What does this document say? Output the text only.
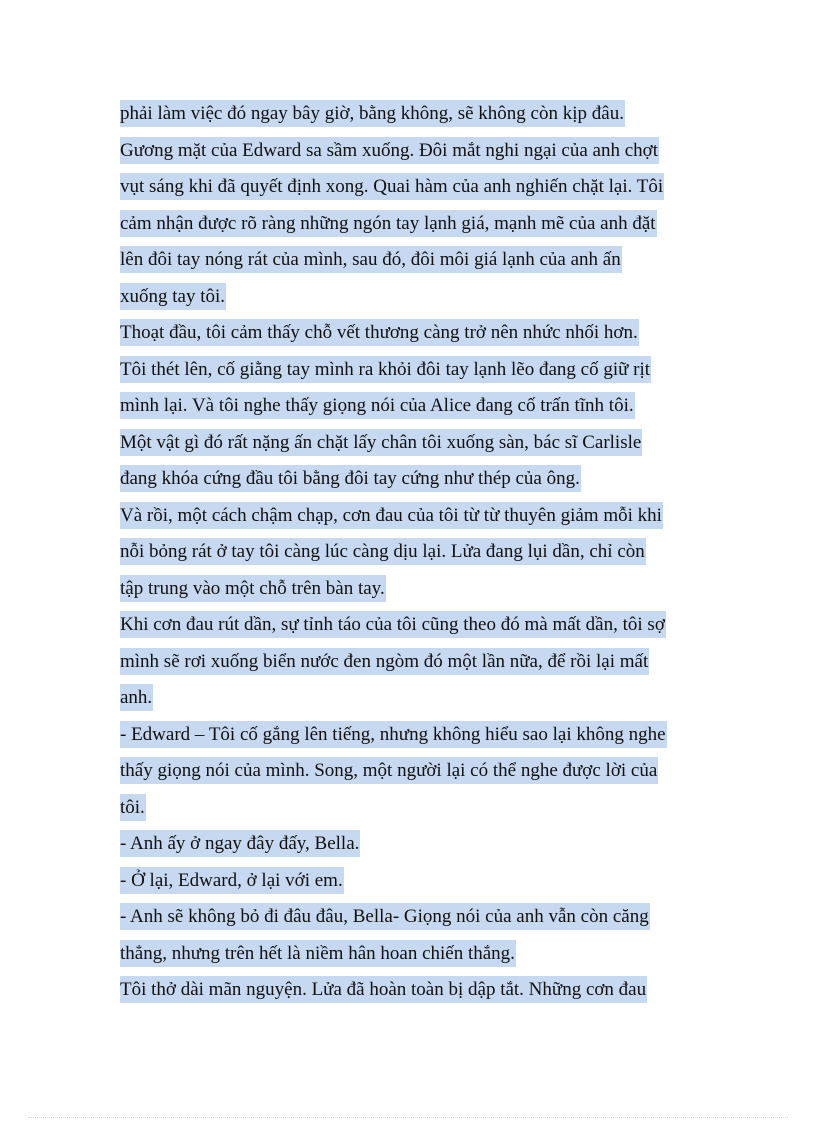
phải làm việc đó ngay bây giờ, bằng không, sẽ không còn kịp đâu.
Gương mặt của Edward sa sầm xuống. Đôi mắt nghi ngại của anh chợt
vụt sáng khi đã quyết định xong. Quai hàm của anh nghiến chặt lại. Tôi
cảm nhận được rõ ràng những ngón tay lạnh giá, mạnh mẽ của anh đặt
lên đôi tay nóng rát của mình, sau đó, đôi môi giá lạnh của anh ấn
xuống tay tôi.
Thoạt đầu, tôi cảm thấy chỗ vết thương càng trở nên nhức nhối hơn.
Tôi thét lên, cố giằng tay mình ra khỏi đôi tay lạnh lẽo đang cố giữ rịt
mình lại. Và tôi nghe thấy giọng nói của Alice đang cố trấn tĩnh tôi.
Một vật gì đó rất nặng ấn chặt lấy chân tôi xuống sàn, bác sĩ Carlisle
đang khóa cứng đầu tôi bằng đôi tay cứng như thép của ông.
Và rồi, một cách chậm chạp, cơn đau của tôi từ từ thuyên giảm mỗi khi
nỗi bỏng rát ở tay tôi càng lúc càng dịu lại. Lửa đang lụi dần, chỉ còn
tập trung vào một chỗ trên bàn tay.
Khi cơn đau rút dần, sự tỉnh táo của tôi cũng theo đó mà mất dần, tôi sợ
mình sẽ rơi xuống biển nước đen ngòm đó một lần nữa, để rồi lại mất
anh.
- Edward – Tôi cố gắng lên tiếng, nhưng không hiểu sao lại không nghe
thấy giọng nói của mình. Song, một người lại có thể nghe được lời của
tôi.
- Anh ấy ở ngay đây đấy, Bella.
- Ở lại, Edward, ở lại với em.
- Anh sẽ không bỏ đi đâu đâu, Bella- Giọng nói của anh vẫn còn căng
thẳng, nhưng trên hết là niềm hân hoan chiến thắng.
Tôi thở dài mãn nguyện. Lửa đã hoàn toàn bị dập tắt. Những cơn đau
